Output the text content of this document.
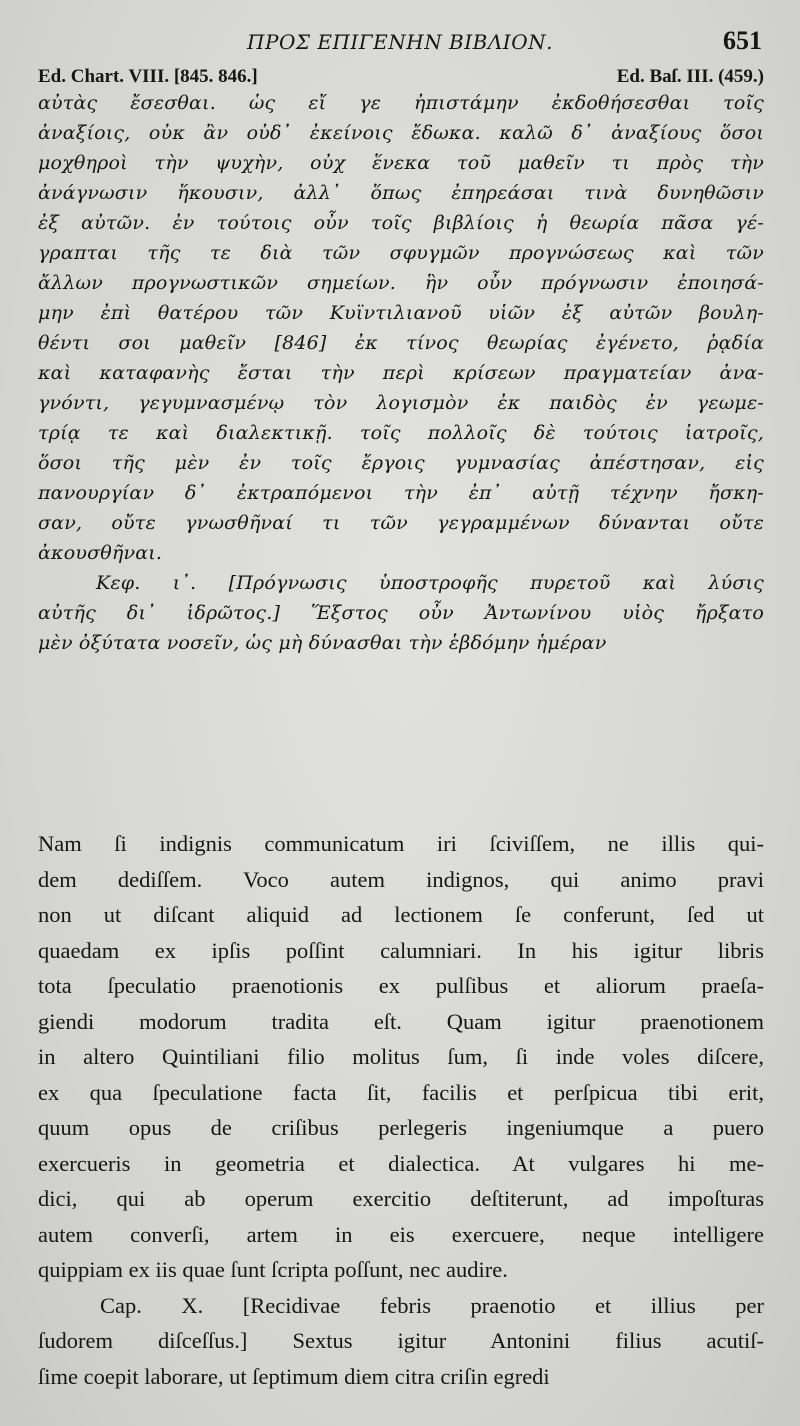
ΠΡΟΣ ΕΠΙΓΕΝΗΝ ΒΙΒΛΙΟΝ.	651
Ed. Chart. VIII. [845. 846.]	Ed. Baſ. III. (459.)
αὐτὰς ἔσεσθαι. ὡς εἴ γε ἠπιστάμην ἐκδοθήσεσθαι τοῖς
ἀναξίοις, οὐκ ἂν οὐδ᾽ ἐκείνοις ἔδωκα. καλῶ δ᾽ ἀναξίους ὅσοι
μοχθηροὶ τὴν ψυχὴν, οὐχ ἕνεκα τοῦ μαθεῖν τι πρὸς τὴν
ἀνάγνωσιν ἥκουσιν, ἀλλ᾽ ὅπως ἐπηρεάσαι τινὰ δυνηθῶσιν
ἐξ αὐτῶν. ἐν τούτοις οὖν τοῖς βιβλίοις ἡ θεωρία πᾶσα γέ-
γραπται τῆς τε διὰ τῶν σφυγμῶν προγνώσεως καὶ τῶν
ἄλλων προγνωστικῶν σημείων. ἣν οὖν πρόγνωσιν ἐποιησά-
μην ἐπὶ θατέρου τῶν Κυϊντιλιανοῦ υἱῶν ἐξ αὐτῶν βουλη-
θέντι σοι μαθεῖν [846] ἐκ τίνος θεωρίας ἐγένετο, ῥᾳδία
καὶ καταφανὴς ἔσται τὴν περὶ κρίσεων πραγματείαν ἀνα-
γνόντι, γεγυμνασμένῳ τὸν λογισμὸν ἐκ παιδὸς ἐν γεωμε-
τρίᾳ τε καὶ διαλεκτικῇ. τοῖς πολλοῖς δὲ τούτοις ἰατροῖς,
ὅσοι τῆς μὲν ἐν τοῖς ἔργοις γυμνασίας ἀπέστησαν, εἰς
πανουργίαν δ᾽ ἐκτραπόμενοι τὴν ἐπ᾽ αὐτῇ τέχνην ἤσκη-
σαν, οὔτε γνωσθῆναί τι τῶν γεγραμμένων δύνανται οὔτε
ἀκουσθῆναι.
Κεφ. ι᾽. [Πρόγνωσις ὑποστροφῆς πυρετοῦ καὶ λύσις
αὐτῆς δι᾽ ἱδρῶτος.] Ἕξστος οὖν Ἀντωνίνου υἱὸς ἤρξατο
μὲν ὀξύτατα νοσεῖν, ὡς μὴ δύνασθαι τὴν ἑβδόμην ἡμέραν
Nam ſi indignis communicatum iri ſciviſſem, ne illis qui-
dem dediſſem. Voco autem indignos, qui animo pravi
non ut diſcant aliquid ad lectionem ſe conferunt, ſed ut
quaedam ex ipſis poſſint calumniari. In his igitur libris
tota ſpeculatio praenotionis ex pulſibus et aliorum praeſa-
giendi modorum tradita eſt. Quam igitur praenotionem
in altero Quintiliani filio molitus ſum, ſi inde voles diſcere,
ex qua ſpeculatione facta ſit, facilis et perſpicua tibi erit,
quum opus de criſibus perlegeris ingeniumque a puero
exercueris in geometria et dialectica. At vulgares hi me-
dici, qui ab operum exercitio deſtiterunt, ad impoſturas
autem converſi, artem in eis exercuere, neque intelligere
quippiam ex iis quae ſunt ſcripta poſſunt, nec audire.
Cap. X. [Recidivae febris praenotio et illius per
ſudorem diſceſſus.] Sextus igitur Antonini filius acutiſ-
ſime coepit laborare, ut ſeptimum diem citra criſin egredi
